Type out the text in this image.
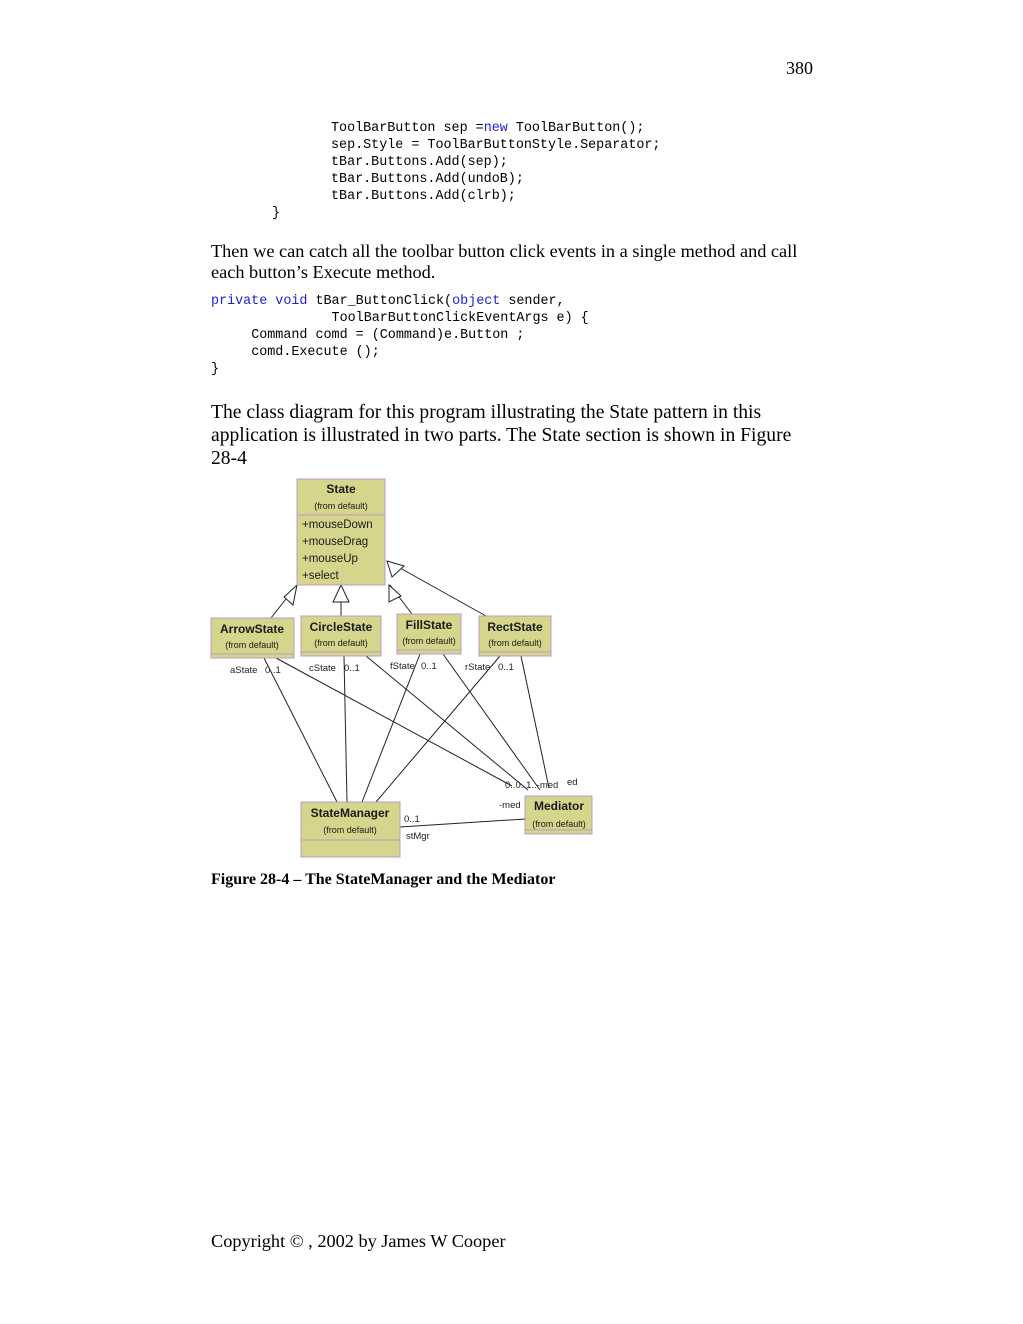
380
ToolBarButton sep =new ToolBarButton();
sep.Style = ToolBarButtonStyle.Separator;
tBar.Buttons.Add(sep);
tBar.Buttons.Add(undoB);
tBar.Buttons.Add(clrb);
}

Then we can catch all the toolbar button click events in a single method and call each button’s Execute method.

private void tBar_ButtonClick(object sender,
ToolBarButtonClickEventArgs e) {
Command comd = (Command)e.Button ;
comd.Execute ();
}

The class diagram for this program illustrating the State pattern in this application is illustrated in two parts. The State section is shown in Figure 28-4

State
(from default)
+mouseDown
+mouseDrag
+mouseUp
+select
ArrowState
(from default)
CircleState
(from default)
FillState
(from default)
RectState
(from default)
StateManager
(from default)
Mediator
(from default)
aState 0..1	cState 0..1	fState 0..1	rState 0..1
0..0..1..-med ed
-med
0..1
stMgr
Figure 28-4 – The StateManager and the Mediator
Copyright © , 2002 by James W Cooper
